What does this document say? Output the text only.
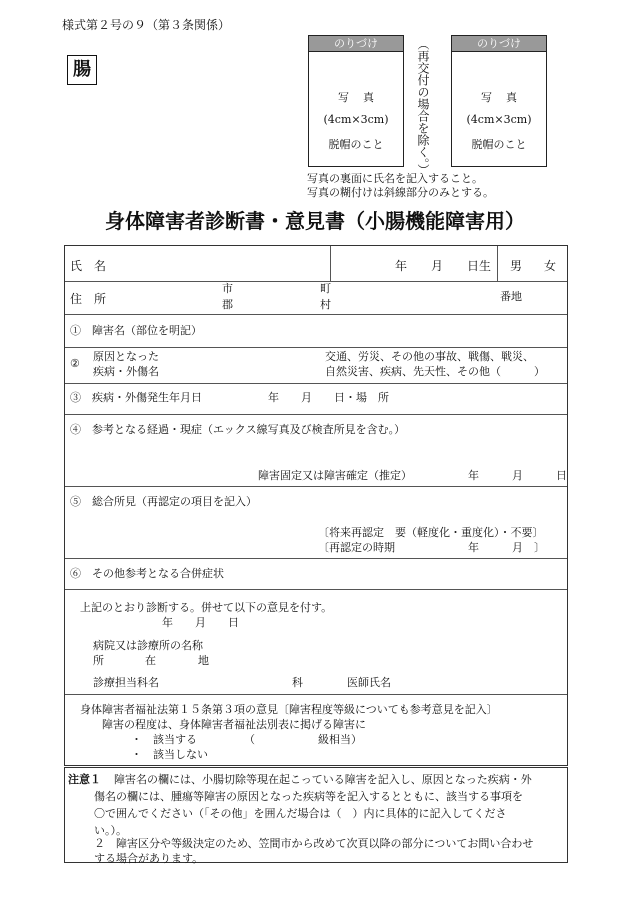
様式第２号の９（第３条関係）
腸
のりづけ
写真
(4cm×3cm)
脱帽のこと	（再交付の場合を除く。）	のりづけ
写真
(4cm×3cm)
脱帽のこと
写真の裏面に氏名を記入すること。
写真の糊付けは斜線部分のみとする。
身体障害者診断書・意見書（小腸機能障害用）
氏　名	年　　月　　日生 男 女
住　所
市
郡
町
村
番地
①　障害名（部位を明記）
②
原因となった
疾病・外傷名
交通、労災、その他の事故、戦傷、戦災、
自然災害、疾病、先天性、その他（　　　）
③　疾病・外傷発生年月日	年　　月　　日・場　所
④　参考となる経過・現症（エックス線写真及び検査所見を含む。）
障害固定又は障害確定（推定）	年　　　月　　　日
⑤　総合所見（再認定の項目を記入）
〔将来再認定　要（軽度化・重度化）・不要〕
〔再認定の時期	年　　　月　〕
⑥　その他参考となる合併症状
上記のとおり診断する。併せて以下の意見を付す。
年　　月　　日
病院又は診療所の名称
所	在	地
診療担当科名	科	医師氏名
身体障害者福祉法第１５条第３項の意見〔障害程度等級についても参考意見を記入〕
障害の程度は、身体障害者福祉法別表に掲げる障害に
・　該当する	（	級相当）
・　該当しない
注意１ 障害名の欄には、小腸切除等現在起こっている障害を記入し、原因となった疾病・外
傷名の欄には、腫瘍等障害の原因となった疾病等を記入するとともに、該当する事項を
〇で囲んでください（「その他」を囲んだ場合は（　）内に具体的に記入してくださ
い。）。
２　障害区分や等級決定のため、笠間市から改めて次頁以降の部分についてお問い合わせ
する場合があります。
